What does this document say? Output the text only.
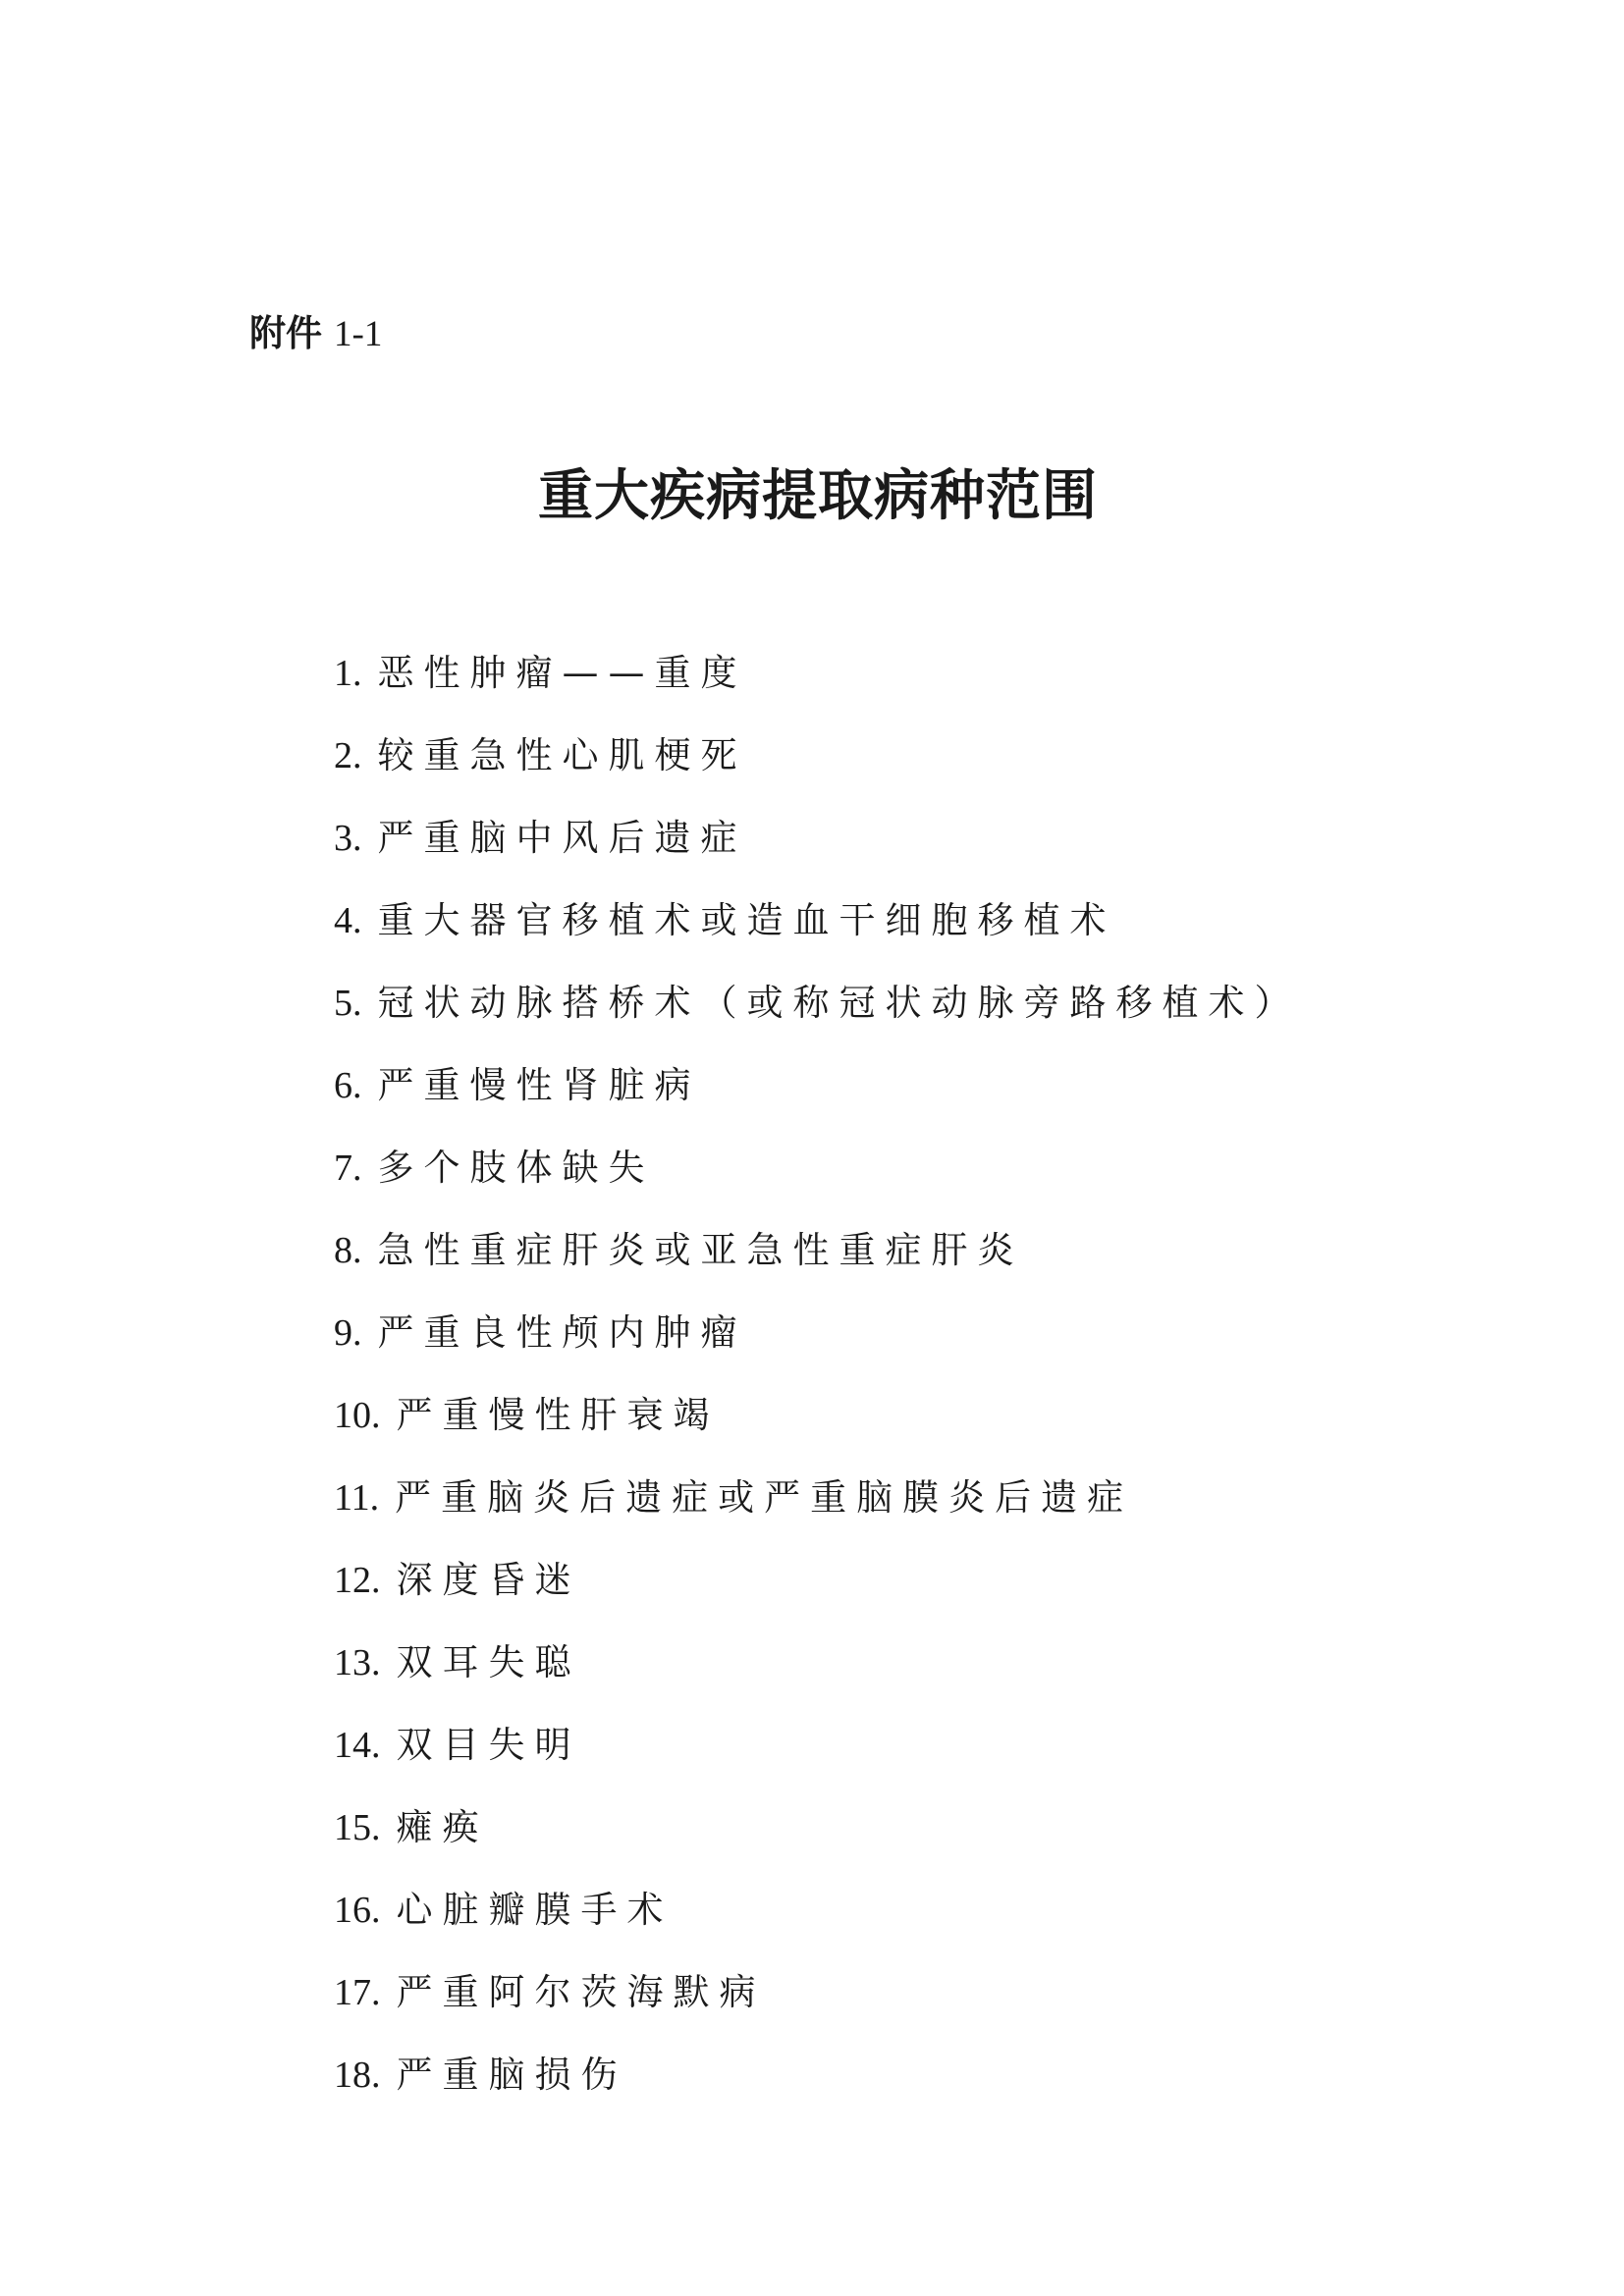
附件 1-1
重大疾病提取病种范围
1. 恶性肿瘤——重度
2. 较重急性心肌梗死
3. 严重脑中风后遗症
4. 重大器官移植术或造血干细胞移植术
5. 冠状动脉搭桥术（或称冠状动脉旁路移植术）
6. 严重慢性肾脏病
7. 多个肢体缺失
8. 急性重症肝炎或亚急性重症肝炎
9. 严重良性颅内肿瘤
10. 严重慢性肝衰竭
11. 严重脑炎后遗症或严重脑膜炎后遗症
12. 深度昏迷
13. 双耳失聪
14. 双目失明
15. 瘫痪
16. 心脏瓣膜手术
17. 严重阿尔茨海默病
18. 严重脑损伤
